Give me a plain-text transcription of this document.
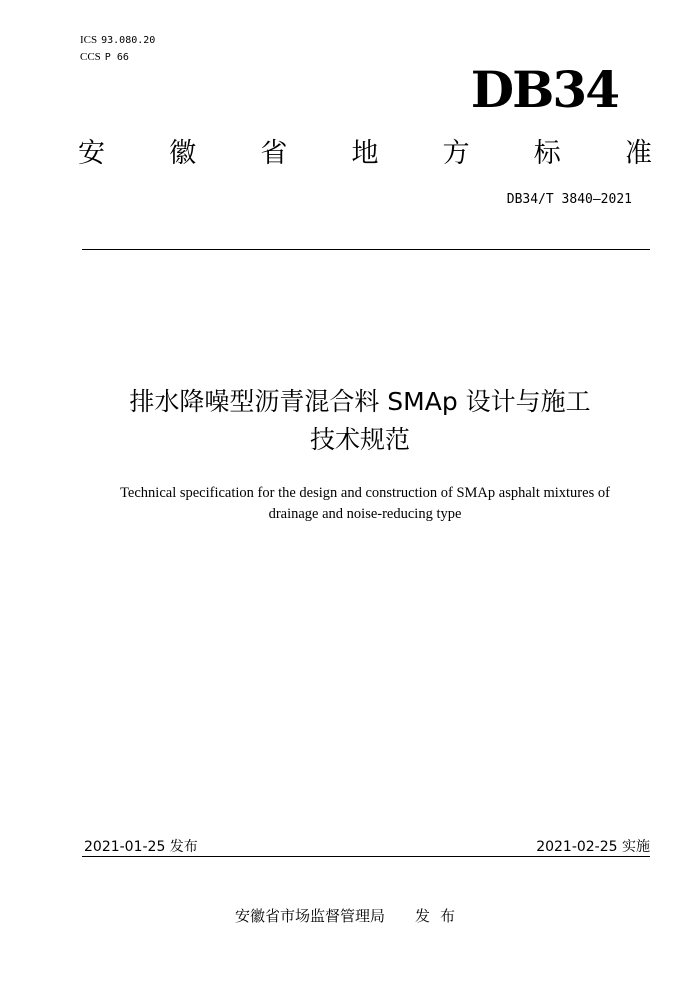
ICS 93.080.20
CCS P 66
DB34
安 徽 省 地 方 标 准
DB34/T 3840—2021
排水降噪型沥青混合料 SMAp 设计与施工
技术规范
Technical specification for the design and construction of SMAp asphalt mixtures of
drainage and noise-reducing type
2021-01-25 发布	2021-02-25 实施
安徽省市场监督管理局 发布
